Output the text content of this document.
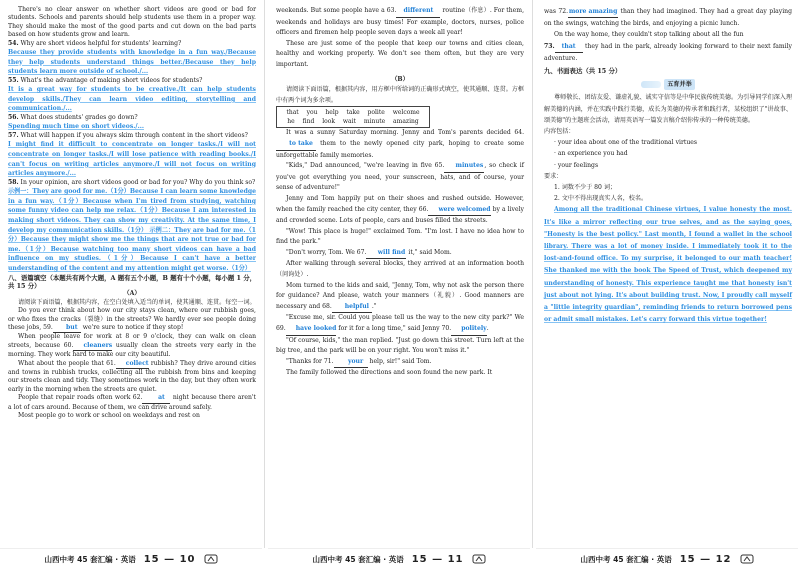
There's no clear answer on whether short videos are good or bad for students. Schools and parents should help students use them in a proper way. They should make the most of the good parts and cut down on the bad parts based on how students grow and learn.

54. Why are short videos helpful for students' learning?
Because they provide students with knowledge in a fun way./Because they help students understand things better./Because they help students learn more outside of school./...
55. What's the advantage of making short videos for students?
It is a great way for students to be creative./It can help students develop skills./They can learn video editing, storytelling and communication./...
56. What does students' grades go down?
Spending much time on short videos./...
57. What will happen if you always skim through content in the short videos?
I might find it difficult to concentrate on longer tasks./I will not concentrate on longer tasks./I will lose patience with reading books./I can't focus on writing articles anymore./I will not focus on writing articles anymore./...
58. In your opinion, are short videos good or bad for you? Why do you think so?
示例一：They are good for me.（1分）Because I can learn some knowledge in a fun way.（1分）Because when I'm tired from studying, watching some funny video can help me relax.（1分）Because I am interested in making short videos. They can show my creativity. At the same time, I develop my communication skills.（1分） 示例二：They are bad for me.（1分）Because they might show me the things that are not true or bad for me.（1分）Because watching too many short videos can have a bad influence on my studies.（1分）Because I can't have a better understanding of the content and my attention might get worse.（1分）
八、语篇填空（本题共有两个大题，A 题有五个小题，B 题有十个小题，每小题 1 分，共 15 分）
（A）

请阅读下面语篇，根据其内容，在空白处填入适当的单词，使其通顺、连贯。每空一词。

Do you ever think about how our city stays clean, where our rubbish goes, or who fixes the cracks（裂缝）in the streets? We hardly ever see people doing these jobs, 59. but we're sure to notice if they stop!

When people leave for work at 8 or 9 o'clock, they can walk on clean streets, because 60. cleaners usually clean the streets very early in the morning. They work hard to make our city beautiful.

What about the people that 61. collect rubbish? They drive around cities and towns in rubbish trucks, collecting all the rubbish from bins and keeping our streets clean and tidy. They sometimes work in the day, but they often work early in the morning when the streets are quiet.

People that repair roads often work 62.	at night because there aren't a lot of cars around. Because of them, we can drive around safely.

Most people go to work or school on weekdays and rest on

山西中考 45 套汇编 · 英语 15 — 10

weekends. But some people have a 63. different routine（作息）. For them, weekends and holidays are busy times! For example, doctors, nurses, police officers and firemen help people seven days a week all year!

These are just some of the people that keep our towns and cities clean, healthy and working properly. We don't see them often, but they are very important.

（B）

请阅读下面语篇，根据其内容，用方框中所给词的正确形式填空，使其通顺、连贯。方框中有两个词为多余项。

that you help take polite welcome
he find look wait minute amazing

It was a sunny Saturday morning. Jenny and Tom's parents decided 64.to take them to the newly opened city park, hoping to create some unforgettable family memories.

"Kids," Dad announced, "we're leaving in five 65. minutes, so check if you've got everything you need, your sunscreen, hats, and of course, your sense of adventure!"

Jenny and Tom happily put on their shoes and rushed outside. However, when the family reached the city center, they 66. were welcomed by a lively and crowded scene. Lots of people, cars and buses filled the streets.

"Wow! This place is huge!" exclaimed Tom. "I'm lost. I have no idea how to find the park."

"Don't worry, Tom. We 67. will find it," said Mom.

After walking through several blocks, they arrived at an information booth（问询处）.

Mom turned to the kids and said, "Jenny, Tom, why not ask the person there for guidance? And please, watch your manners（礼貌）. Good manners are necessary and 68. helpful ."

"Excuse me, sir. Could you please tell us the way to the new city park?" We 69. have looked for it for a long time," said Jenny 70. politely.

"Of course, kids," the man replied. "Just go down this street. Turn left at the big tree, and the park will be on your right. You won't miss it."

"Thanks for 71. your help, sir!" said Tom.

The family followed the directions and soon found the new park. It

山西中考 45 套汇编 · 英语 15 — 11

was 72.more amazing than they had imagined. They had a great day playing on the swings, watching the birds, and enjoying a picnic lunch.

On the way home, they couldn't stop talking about all the fun

73. that they had in the park, already looking forward to their next family adventure.

九、书面表达（共 15 分）
五育并举

尊师敬长、团结友爱、谦虚礼貌、诚实守信等是中华民族传统美德。为引导同学们深入理解美德的内涵，并在实践中践行美德，成长为美德的传承者和践行者，某校组织了"讲故事、颂美德"的主题班会活动，请用英语写一篇发言稿介绍你传承的一种传统美德。

内容包括：
· your idea about one of the traditional virtues
· an experience you had
· your feelings
要求：
1. 词数不少于 80 词；
2. 文中不得出现真实人名，校名。

Among all the traditional Chinese virtues, I value honesty the most. It's like a mirror reflecting our true selves, and as the saying goes, "Honesty is the best policy." Last month, I found a wallet in the school library. There was a lot of money inside. I immediately took it to the lost-and-found office. To my surprise, it belonged to our math teacher! She thanked me with the book The Speed of Trust, which deepened my understanding of honesty. This experience taught me that honesty isn't just about not lying. It's about building trust. Now, I proudly call myself a "little integrity guardian", reminding friends to return borrowed pens or admit small mistakes. Let's carry forward this virtue together!

山西中考 45 套汇编 · 英语 15 — 12
